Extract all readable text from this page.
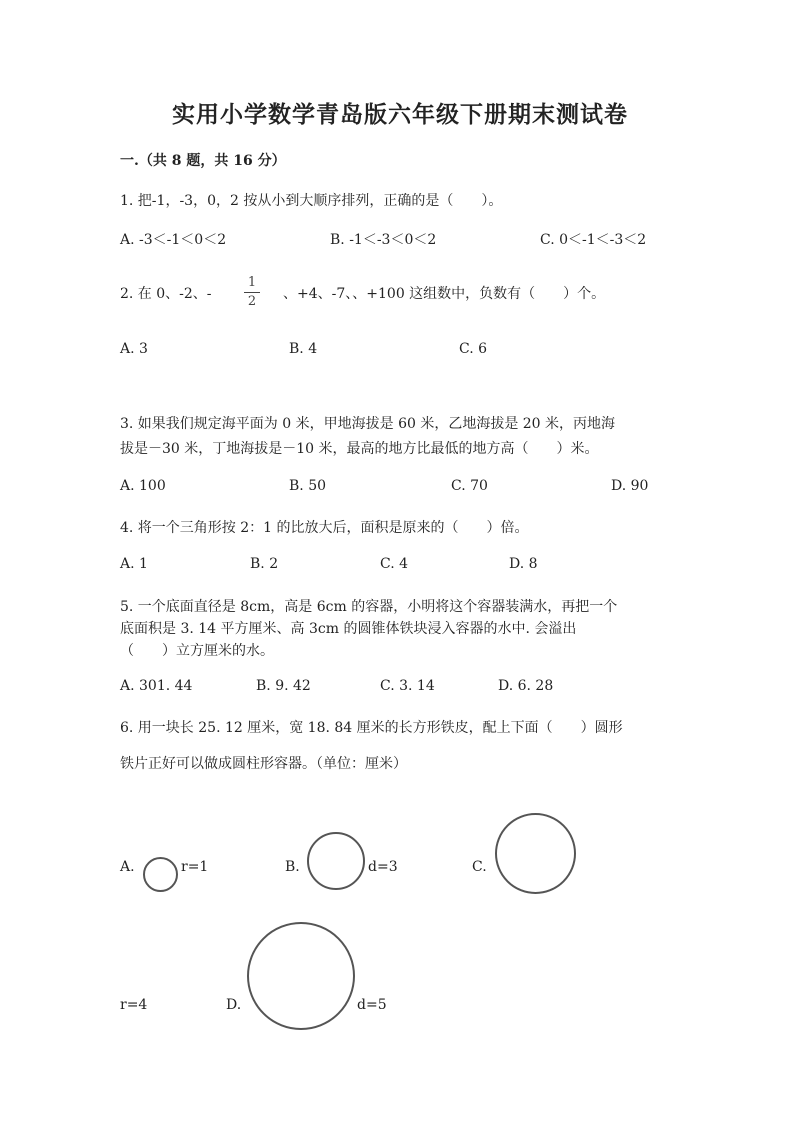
实用小学数学青岛版六年级下册期末测试卷
一.（共 8 题，共 16 分）
1. 把-1，-3，0，2 按从小到大顺序排列，正确的是（　　）。
A. -3＜-1＜0＜2	B. -1＜-3＜0＜2	C. 0＜-1＜-3＜2
2. 在 0、-2、-
1
2 、+4、-7、、+100 这组数中，负数有（　　）个。
A. 3	B. 4	C. 6
3. 如果我们规定海平面为 0 米，甲地海拔是 60 米，乙地海拔是 20 米，丙地海
拔是－30 米，丁地海拔是－10 米，最高的地方比最低的地方高（　　）米。
A. 100	B. 50	C. 70	D. 90
4. 将一个三角形按 2：1 的比放大后，面积是原来的（　　）倍。
A. 1	B. 2	C. 4	D. 8
5. 一个底面直径是 8cm，高是 6cm 的容器，小明将这个容器装满水，再把一个
底面积是 3. 14 平方厘米、高 3cm 的圆锥体铁块浸入容器的水中. 会溢出
（　　）立方厘米的水。
A. 301. 44	B. 9. 42	C. 3. 14	D. 6. 28
6. 用一块长 25. 12 厘米，宽 18. 84 厘米的长方形铁皮，配上下面（　　）圆形
铁片正好可以做成圆柱形容器。（单位：厘米）
A.	r=1	B.	d=3	C.
r=4	D.	d=5
